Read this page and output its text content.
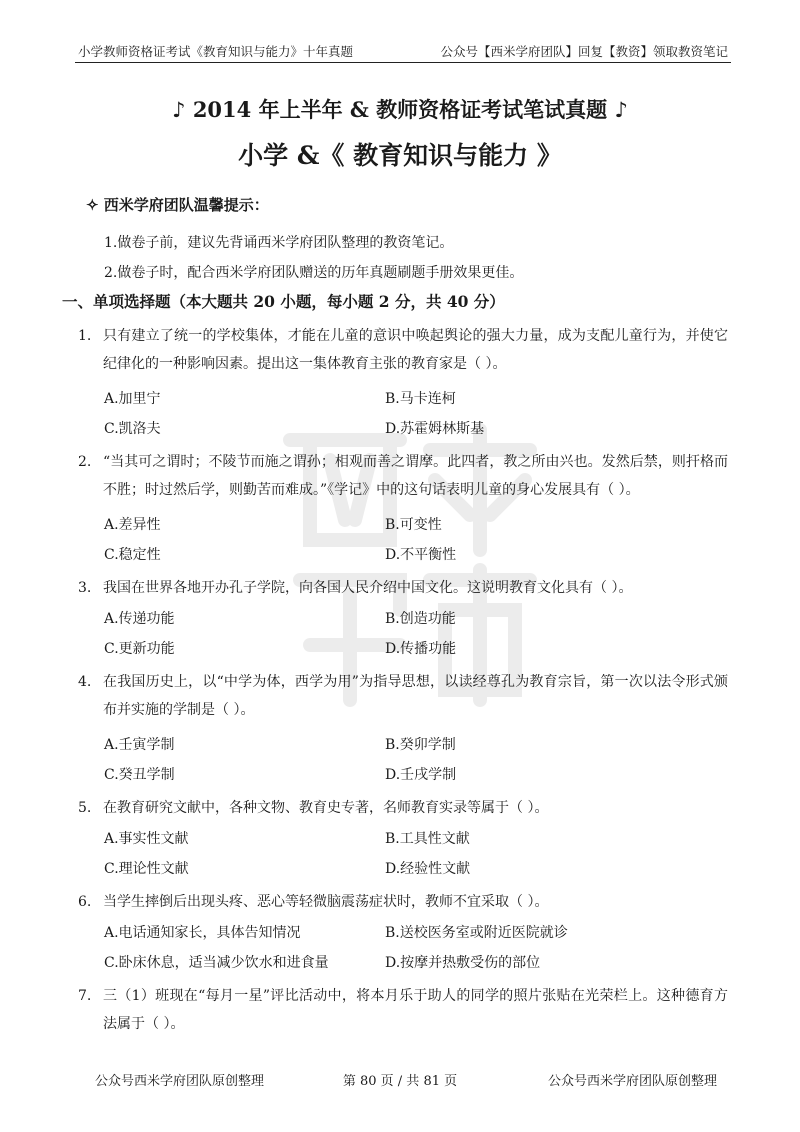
小学教师资格证考试《教育知识与能力》十年真题	公众号【西米学府团队】回复【教资】领取教资笔记
♪ 2014 年上半年 & 教师资格证考试笔试真题 ♪
小学 &《 教育知识与能力 》
✧ 西米学府团队温馨提示：
1.做卷子前，建议先背诵西米学府团队整理的教资笔记。
2.做卷子时，配合西米学府团队赠送的历年真题刷题手册效果更佳。
一、单项选择题（本大题共 20 小题，每小题 2 分，共 40 分）
1. 只有建立了统一的学校集体，才能在儿童的意识中唤起舆论的强大力量，成为支配儿童行为，并使它纪律化的一种影响因素。提出这一集体教育主张的教育家是（ ）。
A.加里宁	B.马卡连柯
C.凯洛夫	D.苏霍姆林斯基
2. “当其可之谓时；不陵节而施之谓孙；相观而善之谓摩。此四者，教之所由兴也。发然后禁，则扞格而不胜；时过然后学，则勤苦而难成。”《学记》中的这句话表明儿童的身心发展具有（ ）。
A.差异性	B.可变性
C.稳定性	D.不平衡性
3. 我国在世界各地开办孔子学院，向各国人民介绍中国文化。这说明教育文化具有（ ）。
A.传递功能	B.创造功能
C.更新功能	D.传播功能
4. 在我国历史上，以“中学为体，西学为用”为指导思想，以读经尊孔为教育宗旨，第一次以法令形式颁布并实施的学制是（ ）。
A.壬寅学制	B.癸卯学制
C.癸丑学制	D.壬戌学制
5. 在教育研究文献中，各种文物、教育史专著，名师教育实录等属于（ ）。
A.事实性文献	B.工具性文献
C.理论性文献	D.经验性文献
6. 当学生摔倒后出现头疼、恶心等轻微脑震荡症状时，教师不宜采取（ ）。
A.电话通知家长，具体告知情况	B.送校医务室或附近医院就诊
C.卧床休息，适当减少饮水和进食量	D.按摩并热敷受伤的部位
7. 三（1）班现在“每月一星”评比活动中，将本月乐于助人的同学的照片张贴在光荣栏上。这种德育方法属于（ ）。
公众号西米学府团队原创整理	第 80 页 / 共 81 页	公众号西米学府团队原创整理
